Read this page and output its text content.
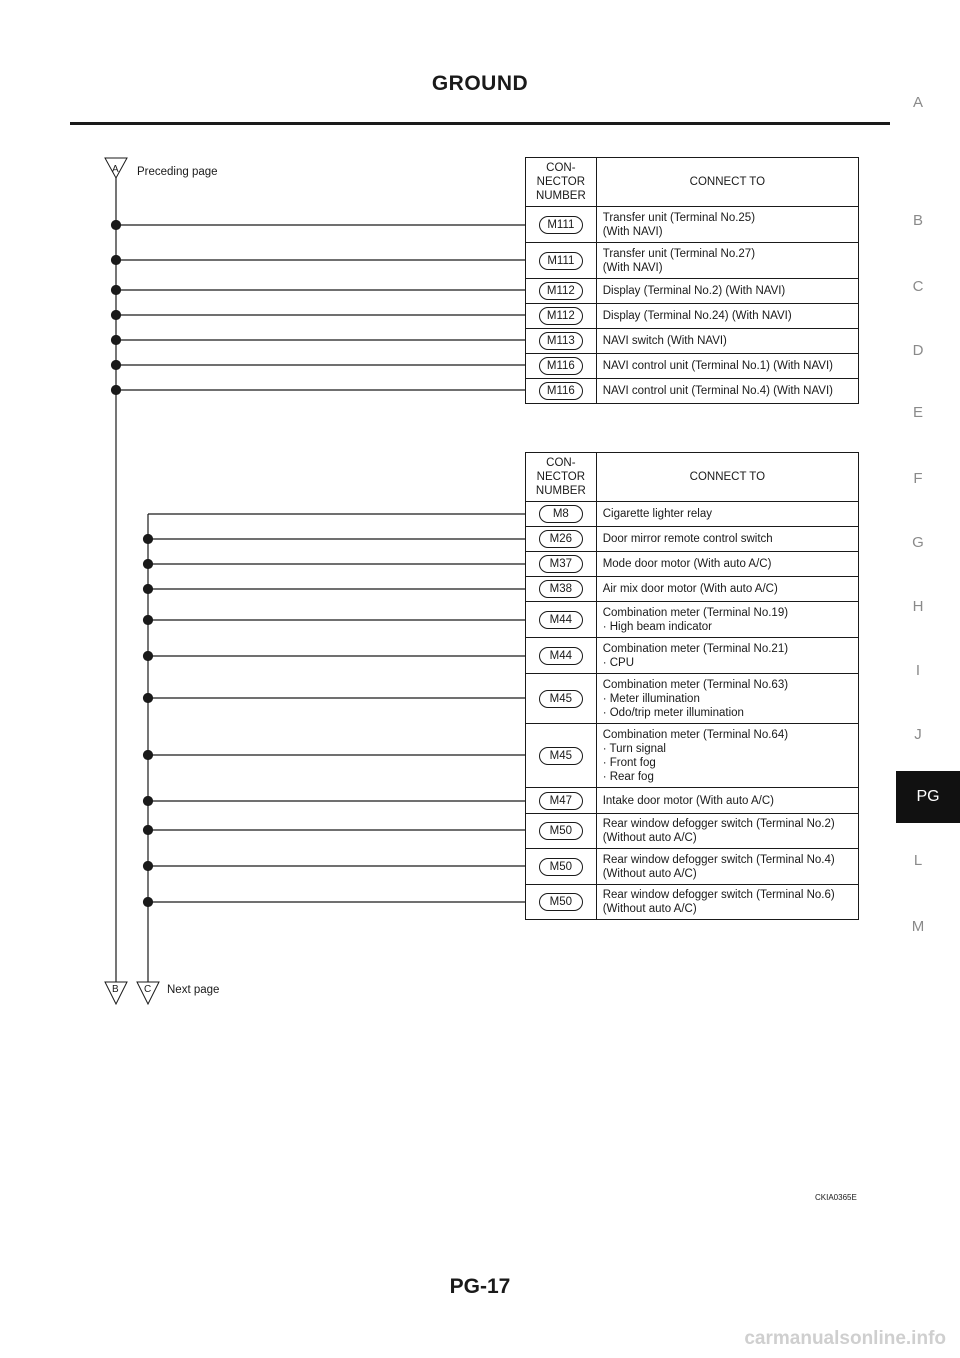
GROUND
A
B
C
D
E
F
G
H
I
J
PG
L
M
A Preceding page
B	C Next page
CON-
NECTOR
NUMBER	CONNECT TO
M111	Transfer unit (Terminal No.25)
(With NAVI)
M111	Transfer unit (Terminal No.27)
(With NAVI)
M112	Display (Terminal No.2) (With NAVI)
M112	Display (Terminal No.24) (With NAVI)
M113	NAVI switch (With NAVI)
M116	NAVI control unit (Terminal No.1) (With NAVI)
M116	NAVI control unit (Terminal No.4) (With NAVI)
CON-
NECTOR
NUMBER	CONNECT TO
M8	Cigarette lighter relay
M26	Door mirror remote control switch
M37	Mode door motor (With auto A/C)
M38	Air mix door motor (With auto A/C)
M44	Combination meter (Terminal No.19)
· High beam indicator
M44	Combination meter (Terminal No.21)
· CPU
M45	Combination meter (Terminal No.63)
· Meter illumination
· Odo/trip meter illumination
M45	Combination meter (Terminal No.64)
· Turn signal
· Front fog
· Rear fog
M47	Intake door motor (With auto A/C)
M50	Rear window defogger switch (Terminal No.2)
(Without auto A/C)
M50	Rear window defogger switch (Terminal No.4)
(Without auto A/C)
M50	Rear window defogger switch (Terminal No.6)
(Without auto A/C)
CKIA0365E
PG-17
carmanualsonline.info
